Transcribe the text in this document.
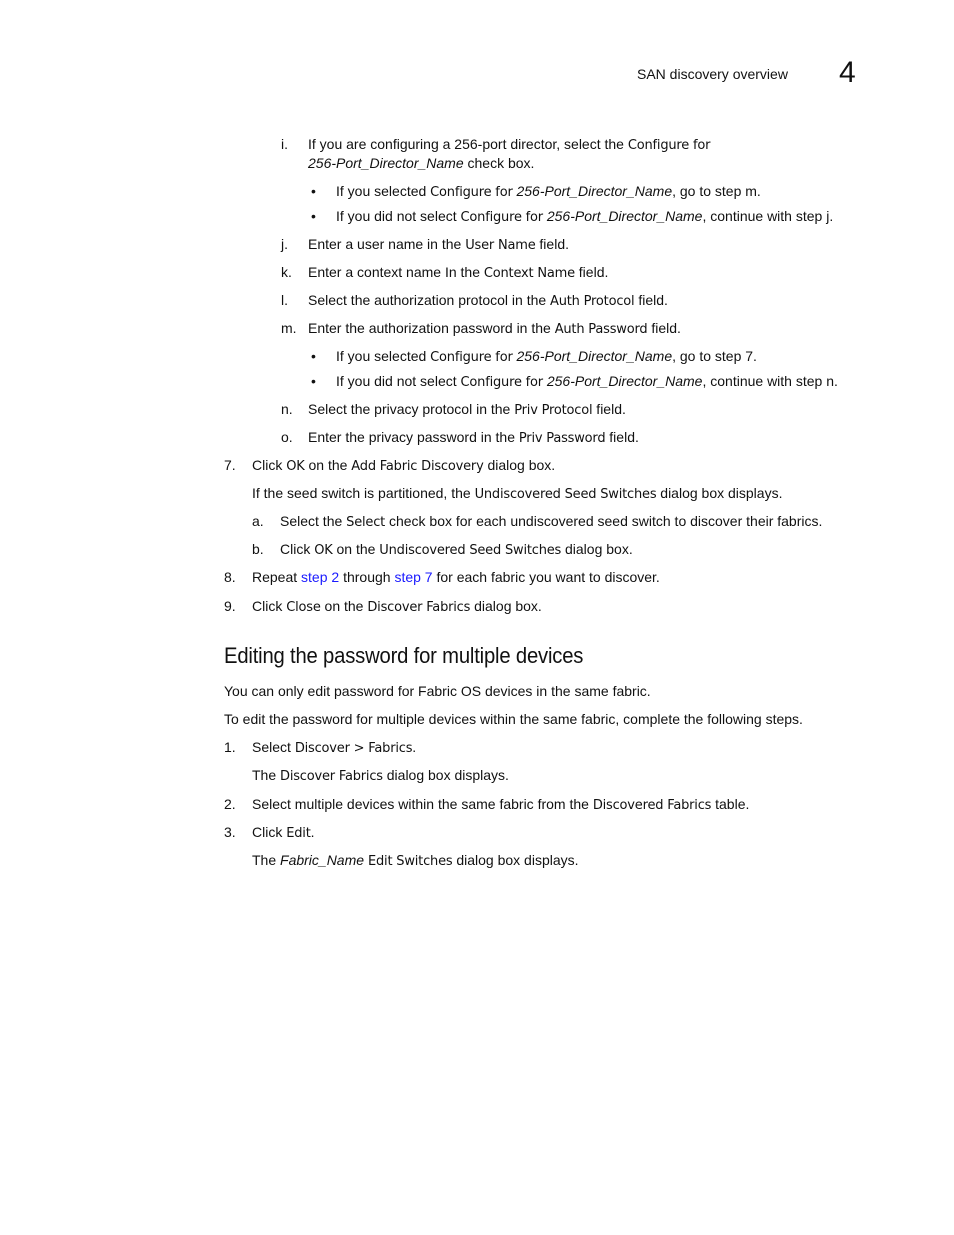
SAN discovery overview 4
i. If you are configuring a 256-port director, select the Configure for
256-Port_Director_Name check box.
• If you selected Configure for 256-Port_Director_Name, go to step m.
• If you did not select Configure for 256-Port_Director_Name, continue with step j.
j. Enter a user name in the User Name field.
k. Enter a context name In the Context Name field.
l. Select the authorization protocol in the Auth Protocol field.
m. Enter the authorization password in the Auth Password field.
• If you selected Configure for 256-Port_Director_Name, go to step 7.
• If you did not select Configure for 256-Port_Director_Name, continue with step n.
n. Select the privacy protocol in the Priv Protocol field.
o. Enter the privacy password in the Priv Password field.
7. Click OK on the Add Fabric Discovery dialog box.
If the seed switch is partitioned, the Undiscovered Seed Switches dialog box displays.
a. Select the Select check box for each undiscovered seed switch to discover their fabrics.
b. Click OK on the Undiscovered Seed Switches dialog box.
8. Repeat step 2 through step 7 for each fabric you want to discover.
9. Click Close on the Discover Fabrics dialog box.
Editing the password for multiple devices
You can only edit password for Fabric OS devices in the same fabric.
To edit the password for multiple devices within the same fabric, complete the following steps.
1. Select Discover > Fabrics.
The Discover Fabrics dialog box displays.
2. Select multiple devices within the same fabric from the Discovered Fabrics table.
3. Click Edit.
The Fabric_Name Edit Switches dialog box displays.
